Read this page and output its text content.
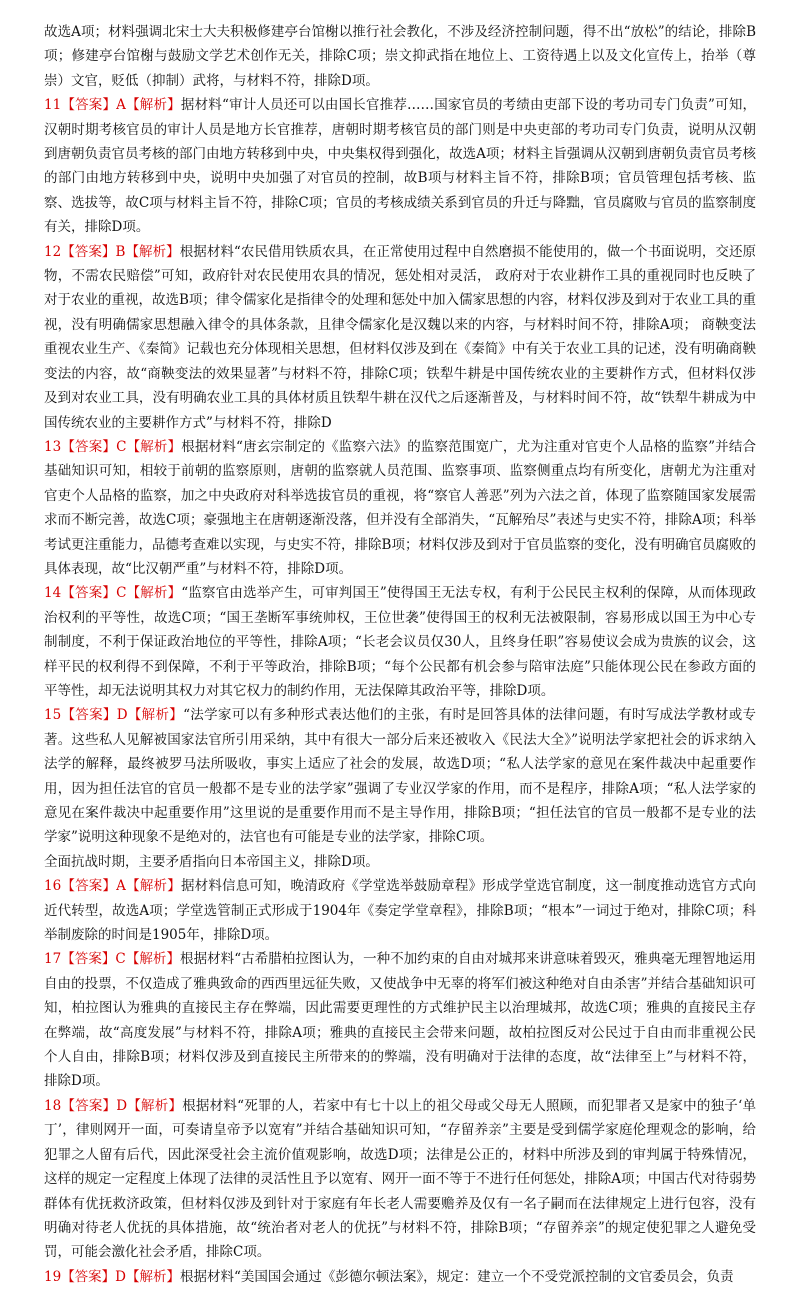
故选A项；材料强调北宋士大夫积极修建亭台馆榭以推行社会教化，不涉及经济控制问题，得不出“放松”的结论，排除B项；修建亭台馆榭与鼓励文学艺术创作无关，排除C项；崇文抑武指在地位上、工资待遇上以及文化宣传上，抬举（尊崇）文官，贬低（抑制）武将，与材料不符，排除D项。

11【答案】A【解析】据材料“审计人员还可以由国长官推荐……国家官员的考绩由吏部下设的考功司专门负责”可知，汉朝时期考核官员的审计人员是地方长官推荐，唐朝时期考核官员的部门则是中央吏部的考功司专门负责，说明从汉朝到唐朝负责官员考核的部门由地方转移到中央，中央集权得到强化，故选A项；材料主旨强调从汉朝到唐朝负责官员考核的部门由地方转移到中央，说明中央加强了对官员的控制，故B项与材料主旨不符，排除B项；官员管理包括考核、监察、选拔等，故C项与材料主旨不符，排除C项；官员的考核成绩关系到官员的升迁与降黜，官员腐败与官员的监察制度有关，排除D项。

12【答案】B【解析】根据材料“农民借用铁质农具，在正常使用过程中自然磨损不能使用的，做一个书面说明，交还原物，不需农民赔偿”可知，政府针对农民使用农具的情况，惩处相对灵活， 政府对于农业耕作工具的重视同时也反映了对于农业的重视，故选B项；律令儒家化是指律令的处理和惩处中加入儒家思想的内容，材料仅涉及到对于农业工具的重视，没有明确儒家思想融入律令的具体条款，且律令儒家化是汉魏以来的内容，与材料时间不符，排除A项； 商鞅变法重视农业生产、《秦简》记载也充分体现相关思想，但材料仅涉及到在《秦简》中有关于农业工具的记述，没有明确商鞅变法的内容，故“商鞅变法的效果显著”与材料不符，排除C项；铁犁牛耕是中国传统农业的主要耕作方式，但材料仅涉及到对农业工具，没有明确农业工具的具体材质且铁犁牛耕在汉代之后逐渐普及，与材料时间不符，故“铁犁牛耕成为中国传统农业的主要耕作方式”与材料不符，排除D

13【答案】C【解析】根据材料“唐玄宗制定的《监察六法》的监察范围宽广，尤为注重对官吏个人品格的监察”并结合基础知识可知，相较于前朝的监察原则，唐朝的监察就人员范围、监察事项、监察侧重点均有所变化，唐朝尤为注重对官吏个人品格的监察，加之中央政府对科举选拔官员的重视，将“察官人善恶”列为六法之首，体现了监察随国家发展需求而不断完善，故选C项；豪强地主在唐朝逐渐没落，但并没有全部消失，“瓦解殆尽”表述与史实不符，排除A项；科举考试更注重能力，品德考查难以实现，与史实不符，排除B项；材料仅涉及到对于官员监察的变化，没有明确官员腐败的具体表现，故“比汉朝严重”与材料不符，排除D项。

14【答案】C【解析】“监察官由选举产生，可审判国王”使得国王无法专权，有利于公民民主权利的保障，从而体现政治权利的平等性，故选C项；“国王垄断军事统帅权，王位世袭”使得国王的权利无法被限制，容易形成以国王为中心专制制度，不利于保证政治地位的平等性，排除A项；“长老会议员仅30人，且终身任职”容易使议会成为贵族的议会，这样平民的权利得不到保障，不利于平等政治，排除B项；“每个公民都有机会参与陪审法庭”只能体现公民在参政方面的平等性，却无法说明其权力对其它权力的制约作用，无法保障其政治平等，排除D项。

15【答案】D【解析】“法学家可以有多种形式表达他们的主张，有时是回答具体的法律问题，有时写成法学教材或专著。这些私人见解被国家法官所引用采纳，其中有很大一部分后来还被收入《民法大全》”说明法学家把社会的诉求纳入法学的解释，最终被罗马法所吸收，事实上适应了社会的发展，故选D项；“私人法学家的意见在案件裁决中起重要作用，因为担任法官的官员一般都不是专业的法学家”强调了专业汉学家的作用，而不是程序，排除A项；“私人法学家的意见在案件裁决中起重要作用”这里说的是重要作用而不是主导作用，排除B项；“担任法官的官员一般都不是专业的法学家”说明这种现象不是绝对的，法官也有可能是专业的法学家，排除C项。

全面抗战时期，主要矛盾指向日本帝国主义，排除D项。

16【答案】A【解析】据材料信息可知，晚清政府《学堂选举鼓励章程》形成学堂选官制度，这一制度推动选官方式向近代转型，故选A项；学堂选管制正式形成于1904年《奏定学堂章程》，排除B项；“根本”一词过于绝对，排除C项；科举制废除的时间是1905年，排除D项。

17【答案】C【解析】根据材料“古希腊柏拉图认为，一种不加约束的自由对城邦来讲意味着毁灭，雅典毫无理智地运用自由的投票，不仅造成了雅典致命的西西里远征失败，又使战争中无辜的将军们被这种绝对自由杀害”并结合基础知识可知，柏拉图认为雅典的直接民主存在弊端，因此需要更理性的方式维护民主以治理城邦，故选C项；雅典的直接民主存在弊端，故“高度发展”与材料不符，排除A项；雅典的直接民主会带来问题，故柏拉图反对公民过于自由而非重视公民个人自由，排除B项；材料仅涉及到直接民主所带来的的弊端，没有明确对于法律的态度，故“法律至上”与材料不符，排除D项。

18【答案】D【解析】根据材料“死罪的人，若家中有七十以上的祖父母或父母无人照顾，而犯罪者又是家中的独子‘单丁’，律则网开一面，可奏请皇帝予以宽宥”并结合基础知识可知，“存留养亲”主要是受到儒学家庭伦理观念的影响，给犯罪之人留有后代，因此深受社会主流价值观影响，故选D项；法律是公正的，材料中所涉及到的审判属于特殊情况，这样的规定一定程度上体现了法律的灵活性且予以宽宥、网开一面不等于不进行任何惩处，排除A项；中国古代对待弱势群体有优抚救济政策，但材料仅涉及到针对于家庭有年长老人需要赡养及仅有一名子嗣而在法律规定上进行包容，没有明确对待老人优抚的具体措施，故“统治者对老人的优抚”与材料不符，排除B项；“存留养亲”的规定使犯罪之人避免受罚，可能会激化社会矛盾，排除C项。

19【答案】D【解析】根据材料“美国国会通过《彭德尔顿法案》，规定：建立一个不受党派控制的文官委员会，负责
